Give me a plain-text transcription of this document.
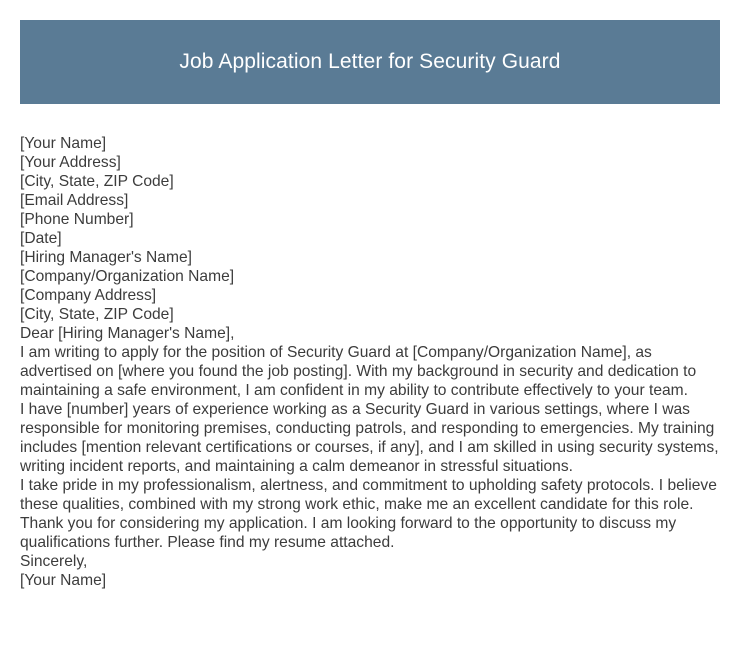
Job Application Letter for Security Guard

[Your Name]

[Your Address]

[City, State, ZIP Code]

[Email Address]

[Phone Number]

[Date]

[Hiring Manager's Name]

[Company/Organization Name]

[Company Address]

[City, State, ZIP Code]

Dear [Hiring Manager's Name],

I am writing to apply for the position of Security Guard at [Company/Organization Name], as advertised on [where you found the job posting]. With my background in security and dedication to maintaining a safe environment, I am confident in my ability to contribute effectively to your team.

I have [number] years of experience working as a Security Guard in various settings, where I was responsible for monitoring premises, conducting patrols, and responding to emergencies. My training includes [mention relevant certifications or courses, if any], and I am skilled in using security systems, writing incident reports, and maintaining a calm demeanor in stressful situations.

I take pride in my professionalism, alertness, and commitment to upholding safety protocols. I believe these qualities, combined with my strong work ethic, make me an excellent candidate for this role.

Thank you for considering my application. I am looking forward to the opportunity to discuss my qualifications further. Please find my resume attached.

Sincerely,

[Your Name]
